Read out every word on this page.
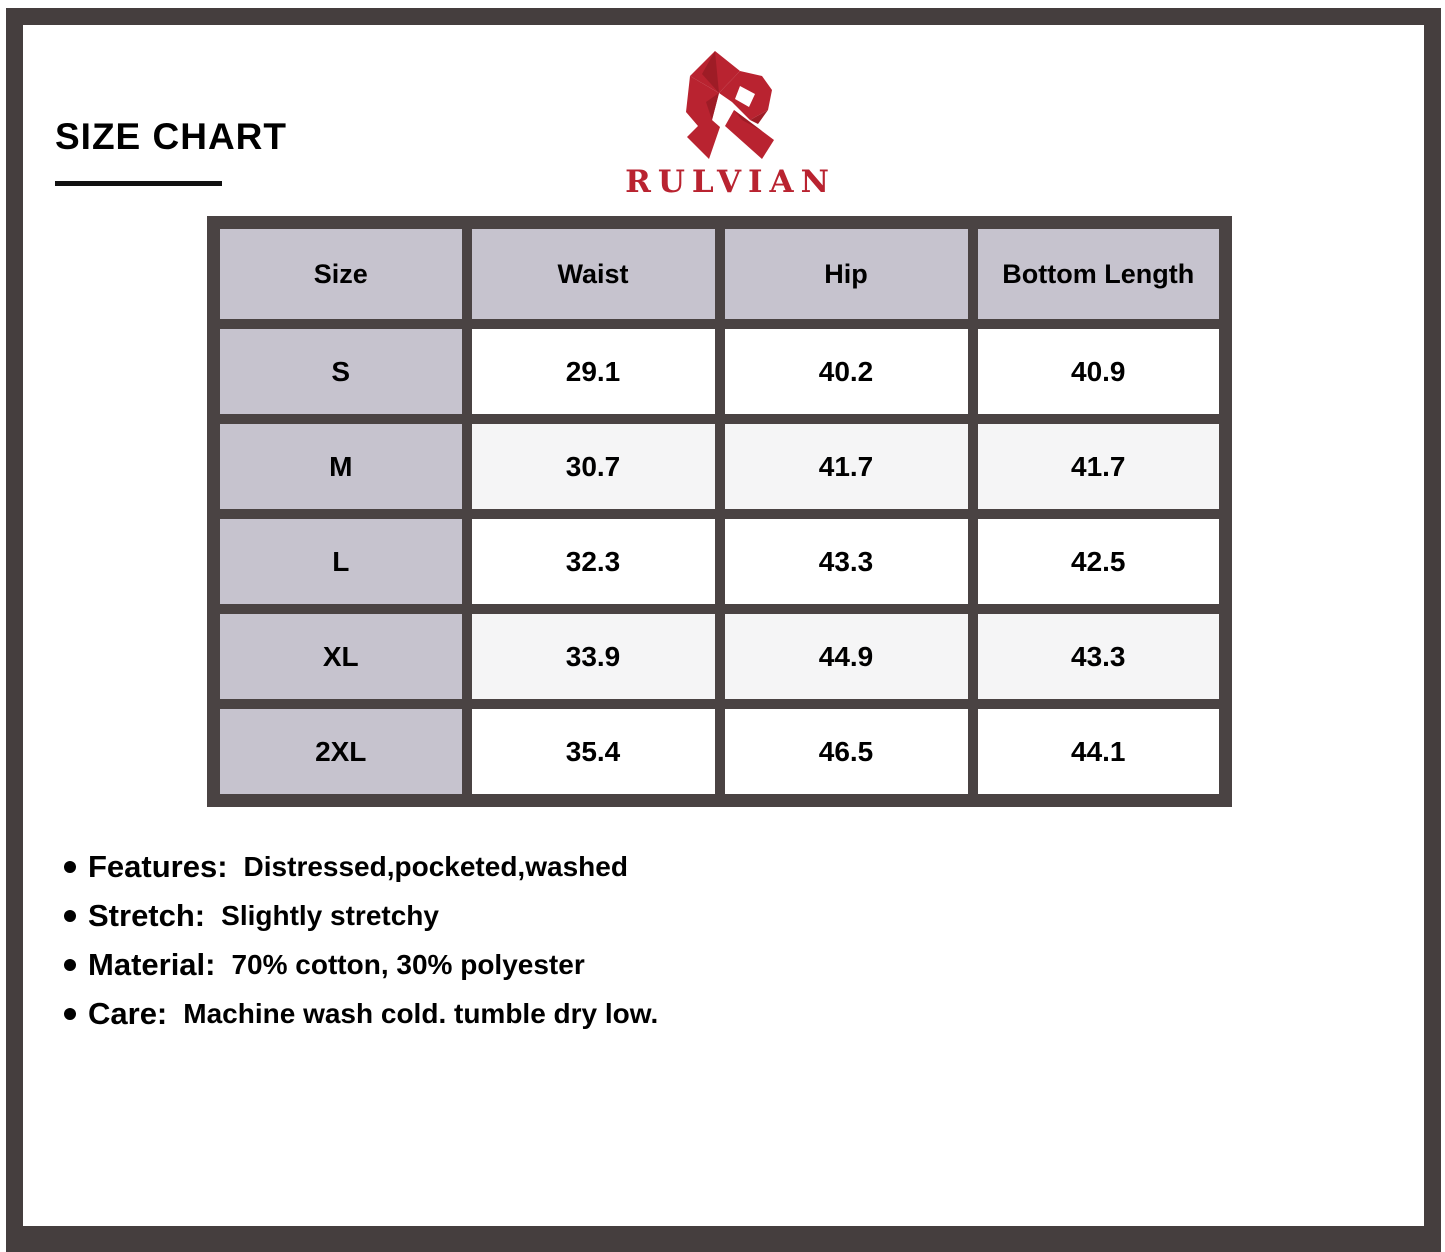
SIZE CHART
RULVIAN
Size	Waist	Hip	Bottom Length
S	29.1	40.2	40.9
M	30.7	41.7	41.7
L	32.3	43.3	42.5
XL	33.9	44.9	43.3
2XL	35.4	46.5	44.1
Features: Distressed,pocketed,washed
Stretch: Slightly stretchy
Material: 70% cotton, 30% polyester
Care: Machine wash cold. tumble dry low.
